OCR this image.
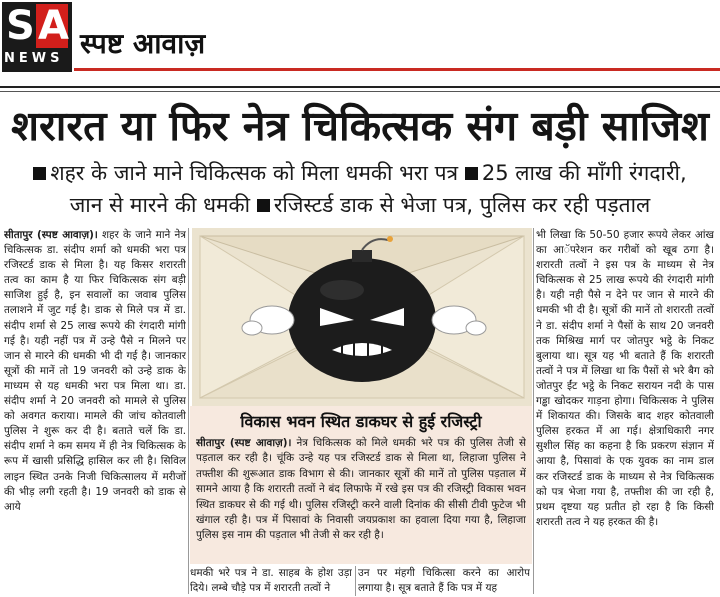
S A
NEWS स्पष्ट आवाज़
शरारत या फिर नेत्र चिकित्सक संग बड़ी साजिश
शहर के जाने माने चिकित्सक को मिला धमकी भरा पत्र 25 लाख की माँगी रंगदारी,
जान से मारने की धमकी रजिस्टर्ड डाक से भेजा पत्र, पुलिस कर रही पड़ताल

सीतापुर (स्पष्ट आवाज़)। शहर के जाने माने नेत्र चिकित्सक डा. संदीप शर्मा को धमकी भरा पत्र रजिस्टर्ड डाक से मिला है। यह किसर शरारती तत्व का काम है या फिर चिकित्सक संग बड़ी साजिश हुई है, इन सवालों का जवाब पुलिस तलाशने में जुट गई है। डाक से मिले पत्र में डा. संदीप शर्मा से 25 लाख रूपये की रंगदारी मांगी गई है। यही नहीं पत्र में उन्हे पैसे न मिलने पर जान से मारने की धमकी भी दी गई है। जानकार सूत्रों की मानें तो 19 जनवरी को उन्हे डाक के माध्यम से यह धमकी भरा पत्र मिला था। डा. संदीप शर्मा ने 20 जनवरी को मामले से पुलिस को अवगत कराया। मामले की जांच कोतवाली पुलिस ने शुरू कर दी है। बताते चलें कि डा. संदीप शर्मा ने कम समय में ही नेत्र चिकित्सक के रूप में खासी प्रसिद्धि हासिल कर ली है। सिविल लाइन स्थित उनके निजी चिकित्सालय में मरीजों की भीड़ लगी रहती है। 19 जनवरी को डाक से आये

विकास भवन स्थित डाकघर से हुई रजिस्ट्री
सीतापुर (स्पष्ट आवाज़)। नेत्र चिकित्सक को मिले धमकी भरे पत्र की पुलिस तेजी से पड़ताल कर रही है। चूंकि उन्हे यह पत्र रजिस्टर्ड डाक से मिला था, लिहाजा पुलिस ने तफ्तीश की शुरूआत डाक विभाग से की। जानकार सूत्रों की मानें तो पुलिस पड़ताल में सामने आया है कि शरारती तत्वों ने बंद लिफाफे में रखे इस पत्र की रजिस्ट्री विकास भवन स्थित डाकघर से की गई थी। पुलिस रजिस्ट्री करने वाली दिनांक की सीसी टीवी फुटेज भी खंगाल रही है। पत्र में पिसावां के निवासी जयप्रकाश का हवाला दिया गया है, लिहाजा पुलिस इस नाम की पड़ताल भी तेजी से कर रही है।
धमकी भरे पत्र ने डा. साहब के होश उड़ा दिये। लम्बे चौड़े पत्र में शरारती तत्वों ने
उन पर मंहगी चिकित्सा करने का आरोप लगाया है। सूत्र बताते हैं कि पत्र में यह
भी लिखा कि 50-50 हजार रूपये लेकर आंख का आॅपरेशन कर गरीबों को खूब ठगा है। शरारती तत्वों ने इस पत्र के माध्यम से नेत्र चिकित्सक से 25 लाख रूपये की रंगदारी मांगी है। यही नही पैसे न देने पर जान से मारने की धमकी भी दी है। सूत्रों की मानें तो शरारती तत्वों ने डा. संदीप शर्मा ने पैसों के साथ 20 जनवरी तक मिश्रिख मार्ग पर जोतपुर भट्ठे के निकट बुलाया था। सूत्र यह भी बताते हैं कि शरारती तत्वों ने पत्र में लिखा था कि पैसों से भरे बैग को जोतपुर ईंट भट्ठे के निकट सरायन नदी के पास गड्ढा खोदकर गाड़ना होगा। चिकित्सक ने पुलिस में शिकायत की। जिसके बाद शहर कोतवाली पुलिस हरकत में आ गई। क्षेत्राधिकारी नगर सुशील सिंह का कहना है कि प्रकरण संज्ञान में आया है, पिसावां के एक युवक का नाम डाल कर रजिस्टर्ड डाक के माध्यम से नेत्र चिकित्सक को पत्र भेजा गया है, तफ्तीश की जा रही है, प्रथम दृष्टया यह प्रतीत हो रहा है कि किसी शरारती तत्व ने यह हरकत की है।
